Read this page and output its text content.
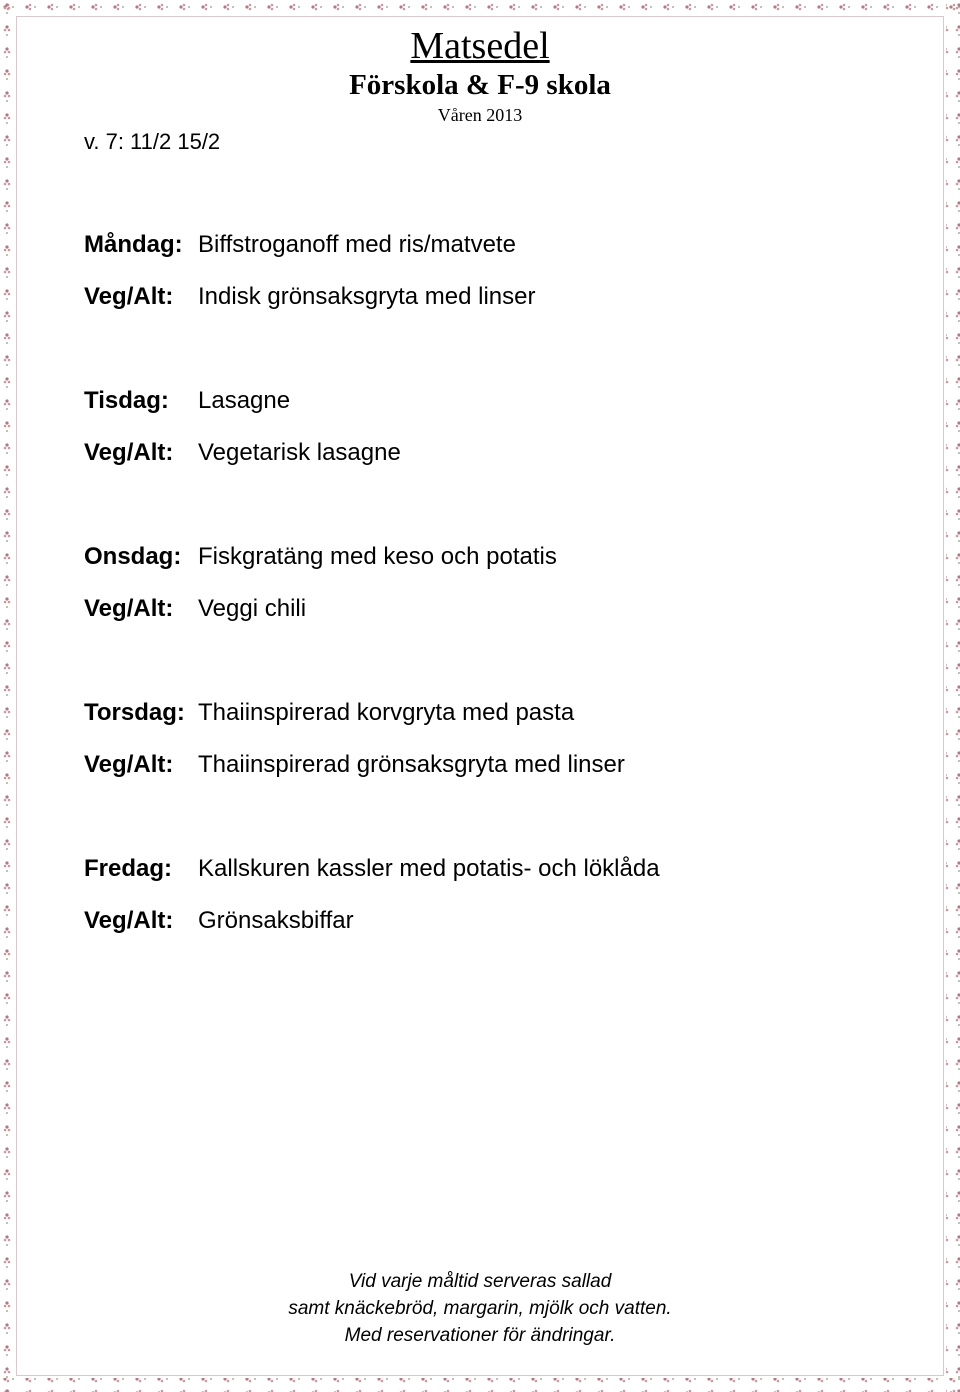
Matsedel
Förskola & F-9 skola
Våren 2013
v. 7: 11/2 15/2
Måndag: Biffstroganoff med ris/matvete
Veg/Alt: Indisk grönsaksgryta med linser
Tisdag: Lasagne
Veg/Alt: Vegetarisk lasagne
Onsdag: Fiskgratäng med keso och potatis
Veg/Alt: Veggi chili
Torsdag: Thaiinspirerad korvgryta med pasta
Veg/Alt: Thaiinspirerad grönsaksgryta med linser
Fredag: Kallskuren kassler med potatis- och löklåda
Veg/Alt: Grönsaksbiffar
Vid varje måltid serveras sallad
samt knäckebröd, margarin, mjölk och vatten.
Med reservationer för ändringar.
